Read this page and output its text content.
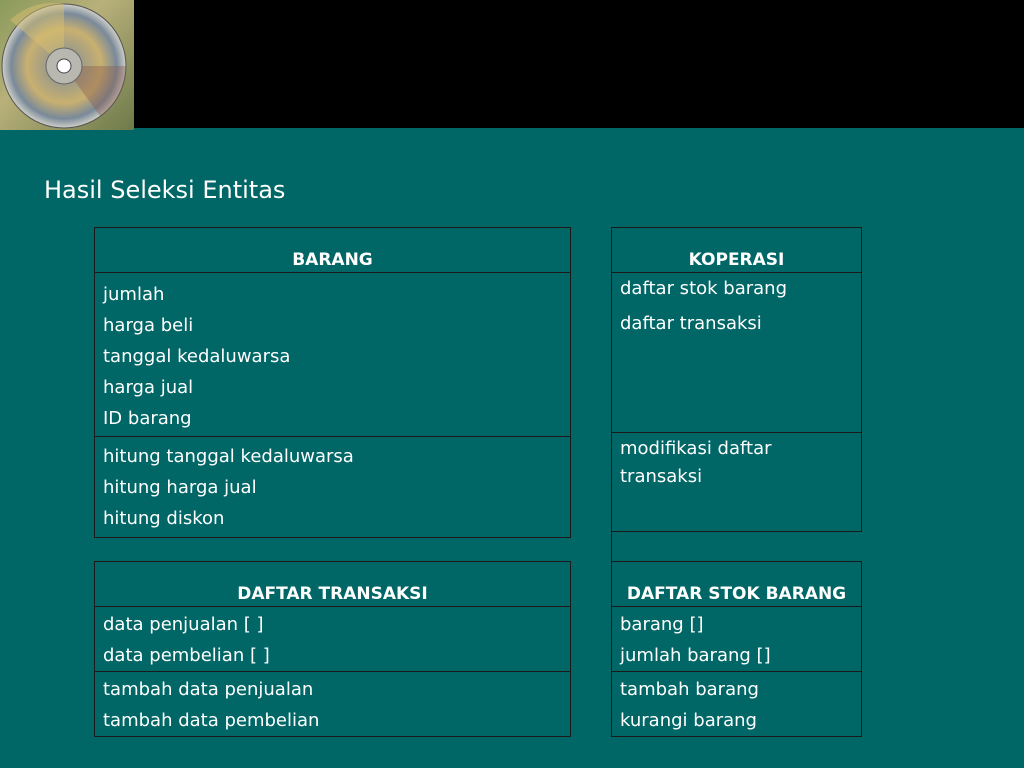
Hasil Seleksi Entitas
BARANG

jumlah
harga beli
tanggal kedaluwarsa
harga jual
ID barang

hitung tanggal kedaluwarsa
hitung harga jual
hitung diskon
KOPERASI

daftar stok barang
daftar transaksi

modifikasi daftar transaksi
DAFTAR TRANSAKSI

data penjualan [ ]
data pembelian [ ]

tambah data penjualan
tambah data pembelian
DAFTAR STOK BARANG

barang []
jumlah barang []

tambah barang
kurangi barang
